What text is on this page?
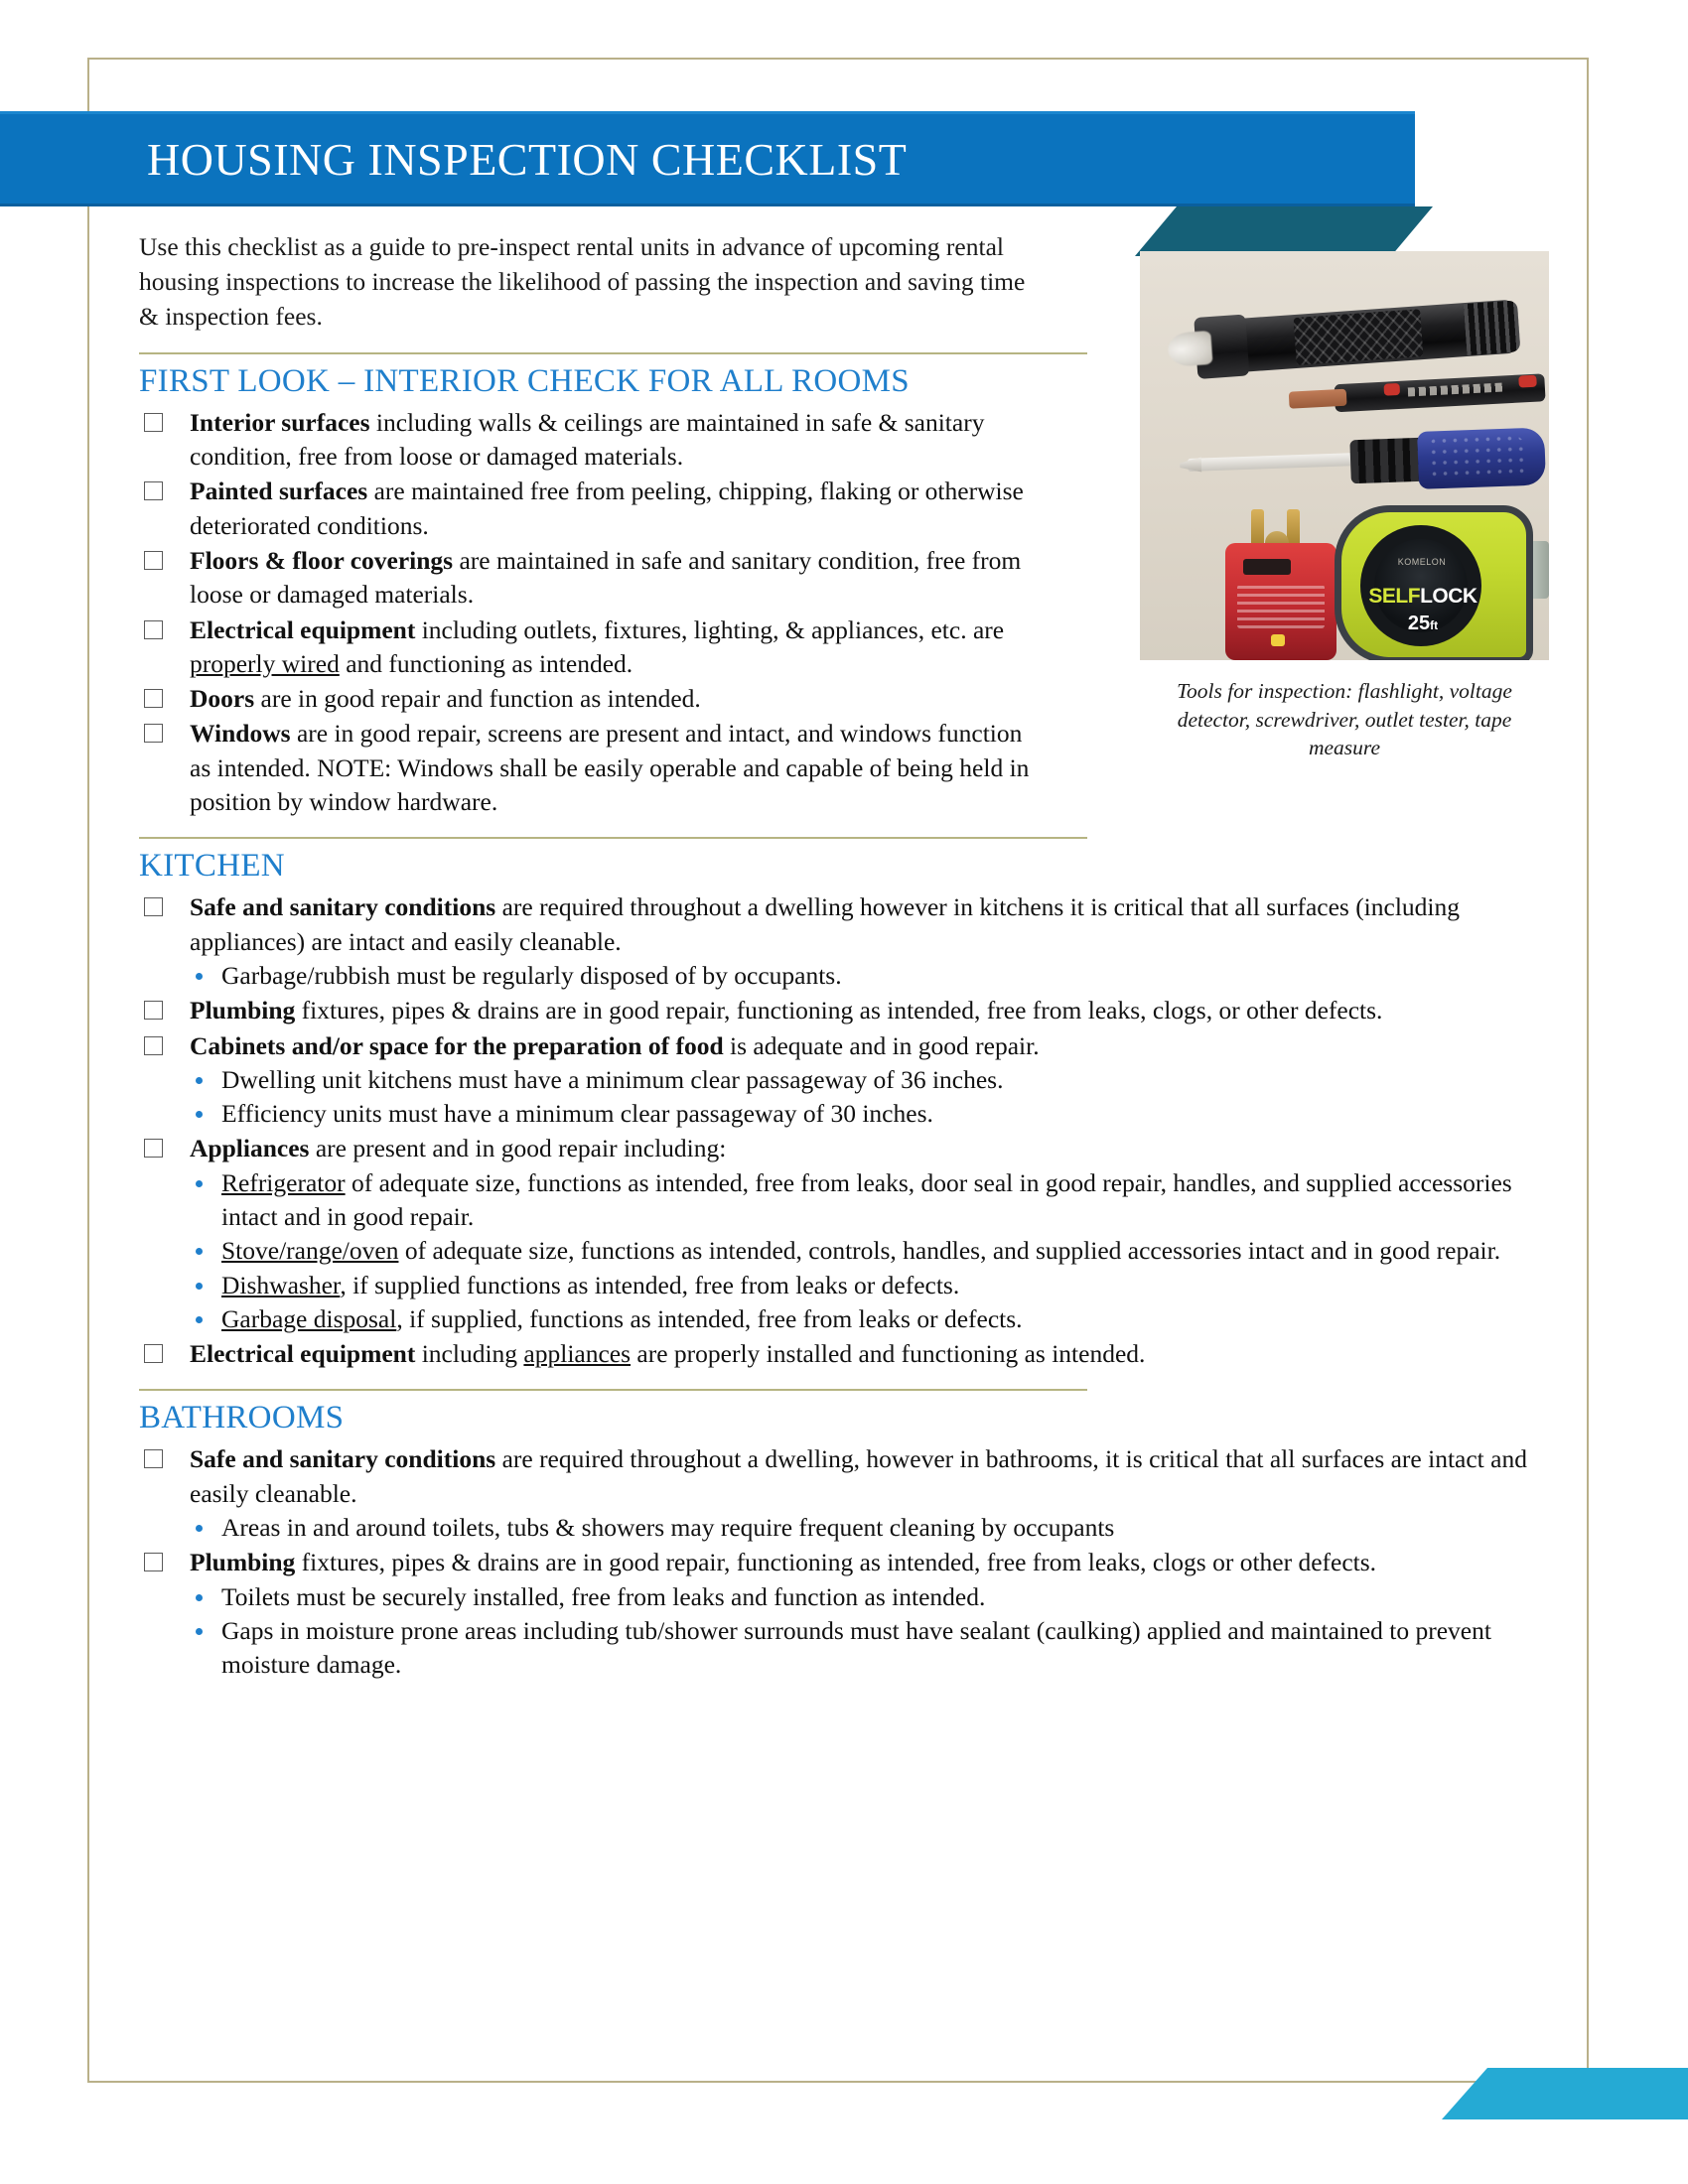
HOUSING INSPECTION CHECKLIST
KOMELON
SELFLOCK
25ft
Tools for inspection: flashlight, voltage detector, screwdriver, outlet tester, tape measure
Use this checklist as a guide to pre-inspect rental units in advance of upcoming rental housing inspections to increase the likelihood of passing the inspection and saving time & inspection fees.
FIRST LOOK – INTERIOR CHECK FOR ALL ROOMS
Interior surfaces including walls & ceilings are maintained in safe & sanitary condition, free from loose or damaged materials.
Painted surfaces are maintained free from peeling, chipping, flaking or otherwise deteriorated conditions.
Floors & floor coverings are maintained in safe and sanitary condition, free from loose or damaged materials.
Electrical equipment including outlets, fixtures, lighting, & appliances, etc. are properly wired and functioning as intended.
Doors are in good repair and function as intended.
Windows are in good repair, screens are present and intact, and windows function as intended. NOTE: Windows shall be easily operable and capable of being held in position by window hardware.
KITCHEN
Safe and sanitary conditions are required throughout a dwelling however in kitchens it is critical that all surfaces (including appliances) are intact and easily cleanable.
Garbage/rubbish must be regularly disposed of by occupants.
Plumbing fixtures, pipes & drains are in good repair, functioning as intended, free from leaks, clogs, or other defects.
Cabinets and/or space for the preparation of food is adequate and in good repair.
Dwelling unit kitchens must have a minimum clear passageway of 36 inches.
Efficiency units must have a minimum clear passageway of 30 inches.
Appliances are present and in good repair including:
Refrigerator of adequate size, functions as intended, free from leaks, door seal in good repair, handles, and supplied accessories intact and in good repair.
Stove/range/oven of adequate size, functions as intended, controls, handles, and supplied accessories intact and in good repair.
Dishwasher, if supplied functions as intended, free from leaks or defects.
Garbage disposal, if supplied, functions as intended, free from leaks or defects.
Electrical equipment including appliances are properly installed and functioning as intended.
BATHROOMS
Safe and sanitary conditions are required throughout a dwelling, however in bathrooms, it is critical that all surfaces are intact and easily cleanable.
Areas in and around toilets, tubs & showers may require frequent cleaning by occupants
Plumbing fixtures, pipes & drains are in good repair, functioning as intended, free from leaks, clogs or other defects.
Toilets must be securely installed, free from leaks and function as intended.
Gaps in moisture prone areas including tub/shower surrounds must have sealant (caulking) applied and maintained to prevent moisture damage.
